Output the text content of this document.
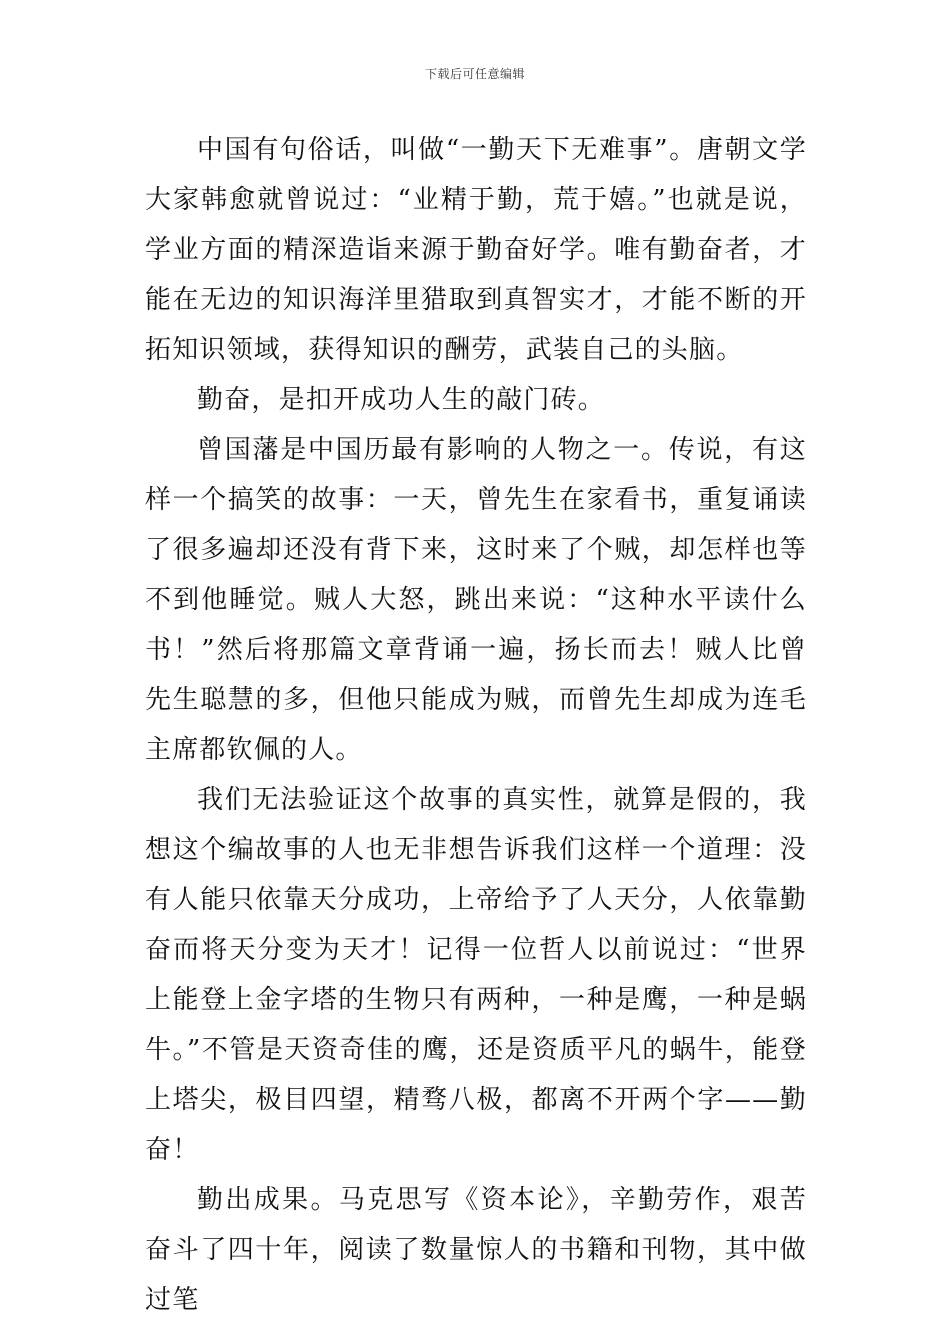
下载后可任意编辑

中国有句俗话，叫做“一勤天下无难事”。唐朝文学大家韩愈就曾说过：“业精于勤，荒于嬉。”也就是说，学业方面的精深造诣来源于勤奋好学。唯有勤奋者，才能在无边的知识海洋里猎取到真智实才，才能不断的开拓知识领域，获得知识的酬劳，武装自己的头脑。

勤奋，是扣开成功人生的敲门砖。

曾国藩是中国历最有影响的人物之一。传说，有这样一个搞笑的故事：一天，曾先生在家看书，重复诵读了很多遍却还没有背下来，这时来了个贼，却怎样也等不到他睡觉。贼人大怒，跳出来说：“这种水平读什么书！”然后将那篇文章背诵一遍，扬长而去！贼人比曾先生聪慧的多，但他只能成为贼，而曾先生却成为连毛主席都钦佩的人。

我们无法验证这个故事的真实性，就算是假的，我想这个编故事的人也无非想告诉我们这样一个道理：没有人能只依靠天分成功，上帝给予了人天分，人依靠勤奋而将天分变为天才！记得一位哲人以前说过：“世界上能登上金字塔的生物只有两种，一种是鹰，一种是蜗牛。”不管是天资奇佳的鹰，还是资质平凡的蜗牛，能登上塔尖，极目四望，精骛八极，都离不开两个字——勤奋！

勤出成果。马克思写《资本论》，辛勤劳作，艰苦奋斗了四十年，阅读了数量惊人的书籍和刊物，其中做过笔
